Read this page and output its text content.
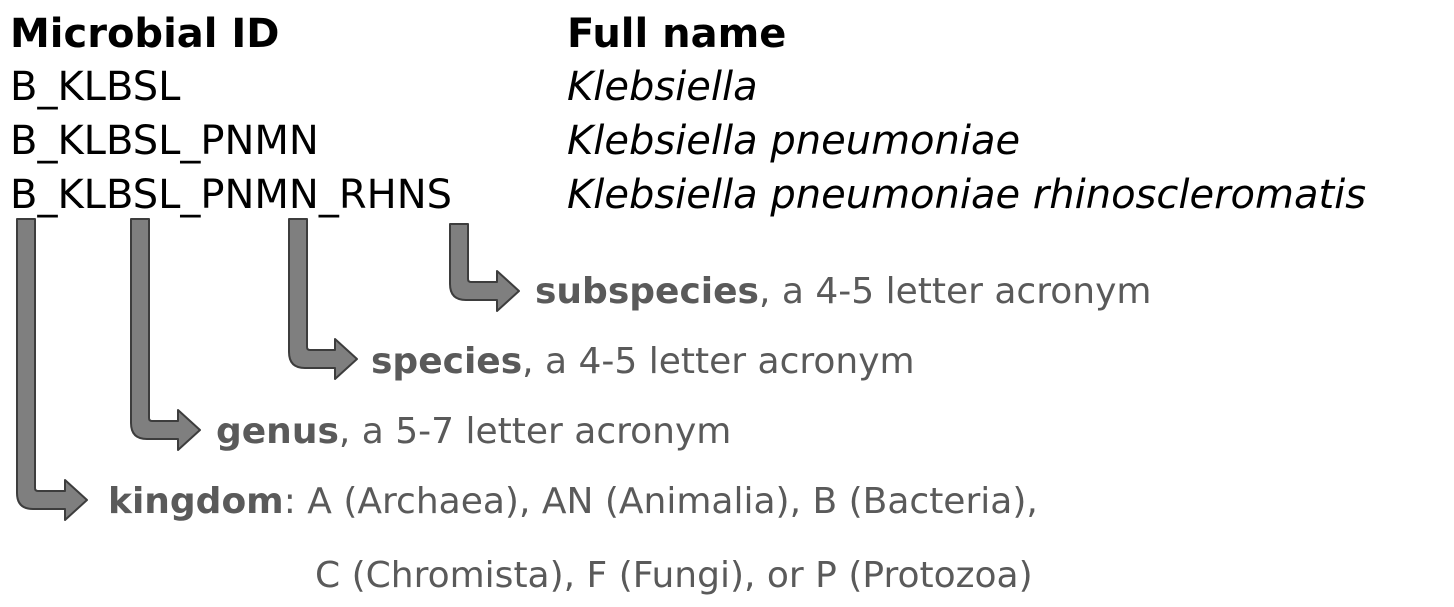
Microbial ID	Full name
B_KLBSL	Klebsiella
B_KLBSL_PNMN	Klebsiella pneumoniae
B_KLBSL_PNMN_RHNS	Klebsiella pneumoniae rhinoscleromatis
subspecies, a 4-5 letter acronym
species, a 4-5 letter acronym
genus, a 5-7 letter acronym
kingdom: A (Archaea), AN (Animalia), B (Bacteria),
C (Chromista), F (Fungi), or P (Protozoa)
